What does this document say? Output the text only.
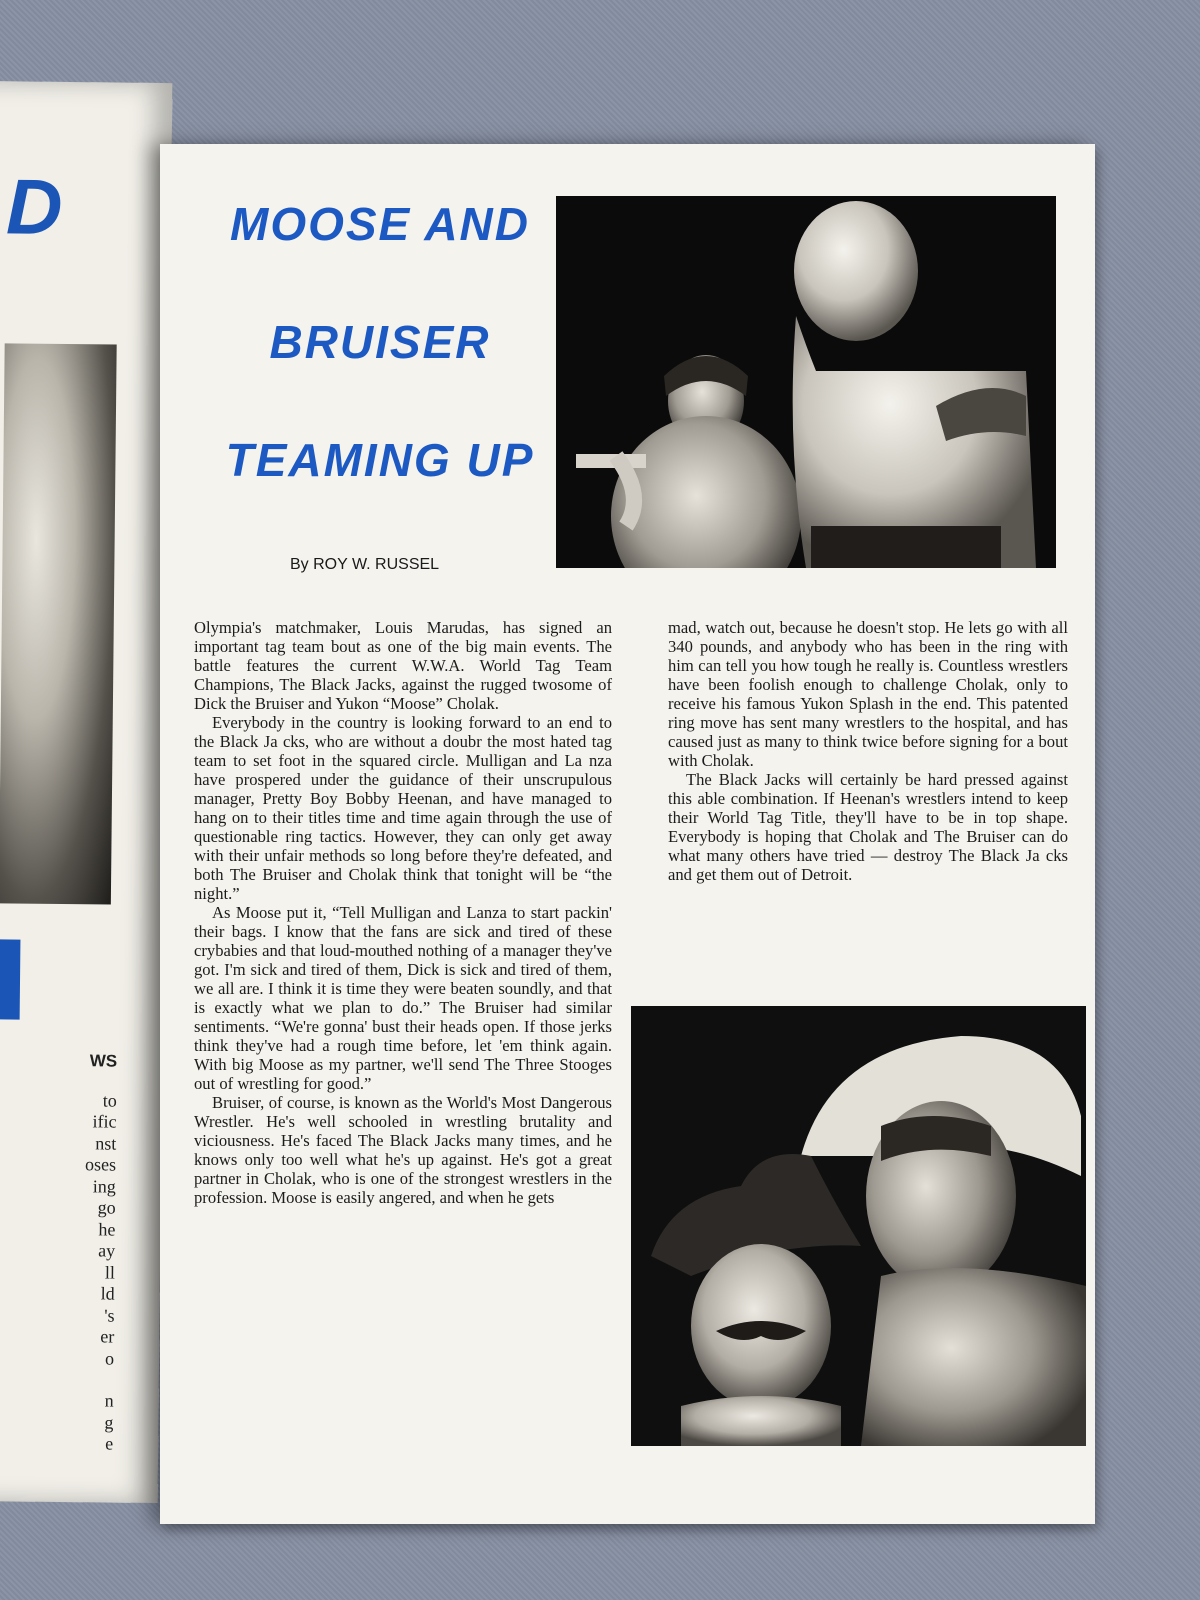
D
WS
to
ific
nst
oses
ing
go
he
ay
ll
ld
's
er
o
n
g
e
MOOSE AND
BRUISER
TEAMING UP
By ROY W. RUSSEL

Olympia's matchmaker, Louis Marudas, has signed an important tag team bout as one of the big main events. The battle features the current W.W.A. World Tag Team Champions, The Black Jacks, against the rugged twosome of Dick the Bruiser and Yukon “Moose” Cholak.

Everybody in the country is looking forward to an end to the Black Ja cks, who are without a doubr the most hated tag team to set foot in the squared circle. Mulligan and La nza have prospered under the guidance of their unscrupulous manager, Pretty Boy Bobby Heenan, and have managed to hang on to their titles time and time again through the use of questionable ring tactics. However, they can only get away with their unfair methods so long before they're defeated, and both The Bruiser and Cholak think that tonight will be “the night.”

As Moose put it, “Tell Mulligan and Lanza to start packin' their bags. I know that the fans are sick and tired of these crybabies and that loud-mouthed nothing of a manager they've got. I'm sick and tired of them, Dick is sick and tired of them, we all are. I think it is time they were beaten soundly, and that is exactly what we plan to do.” The Bruiser had similar sentiments. “We're gonna' bust their heads open. If those jerks think they've had a rough time before, let 'em think again. With big Moose as my partner, we'll send The Three Stooges out of wrestling for good.”

Bruiser, of course, is known as the World's Most Dangerous Wrestler. He's well schooled in wrestling brutality and viciousness. He's faced The Black Jacks many times, and he knows only too well what he's up against. He's got a great partner in Cholak, who is one of the strongest wrestlers in the profession. Moose is easily angered, and when he gets

mad, watch out, because he doesn't stop. He lets go with all 340 pounds, and anybody who has been in the ring with him can tell you how tough he really is. Countless wrestlers have been foolish enough to challenge Cholak, only to receive his famous Yukon Splash in the end. This patented ring move has sent many wrestlers to the hospital, and has caused just as many to think twice before signing for a bout with Cholak.

The Black Jacks will certainly be hard pressed against this able combination. If Heenan's wrestlers intend to keep their World Tag Title, they'll have to be in top shape. Everybody is hoping that Cholak and The Bruiser can do what many others have tried — destroy The Black Ja cks and get them out of Detroit.
